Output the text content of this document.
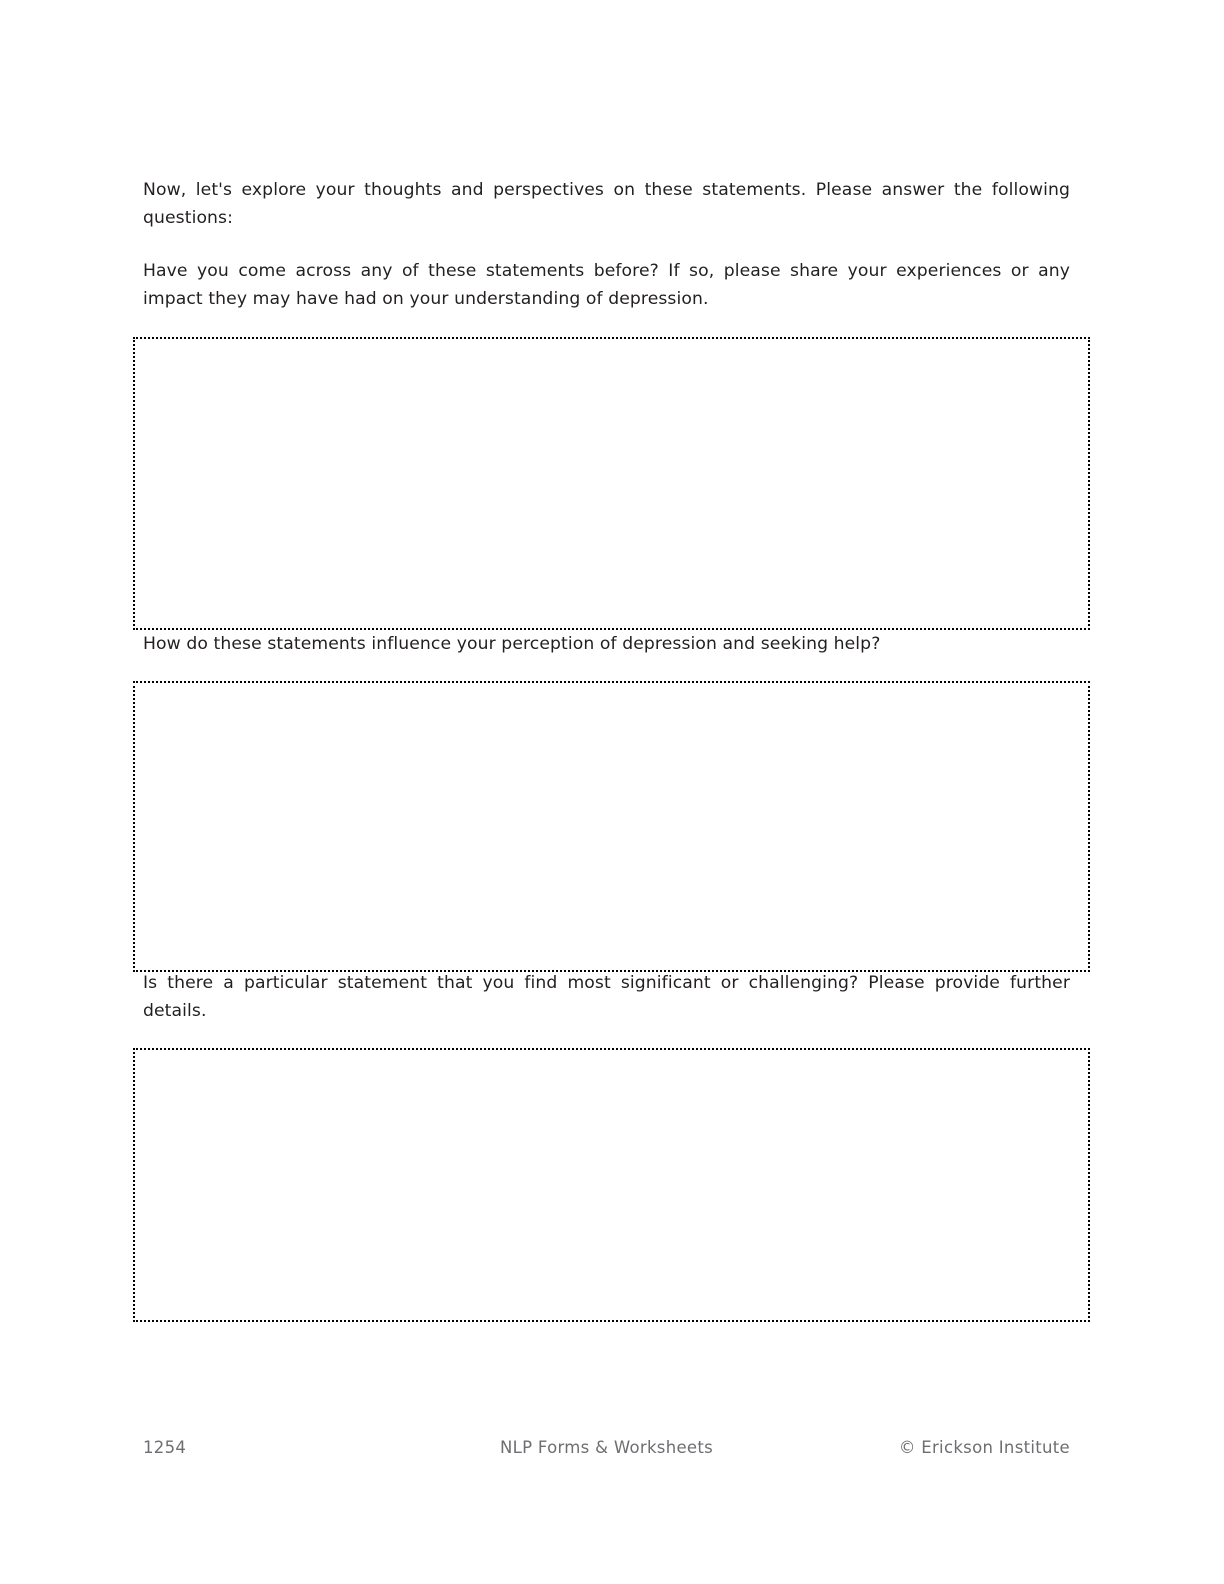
Now, let's explore your thoughts and perspectives on these statements. Please answer the following questions:

Have you come across any of these statements before? If so, please share your experiences or any impact they may have had on your understanding of depression.

How do these statements influence your perception of depression and seeking help?
Is there a particular statement that you find most significant or challenging? Please provide further details.
1254	NLP Forms & Worksheets	© Erickson Institute
